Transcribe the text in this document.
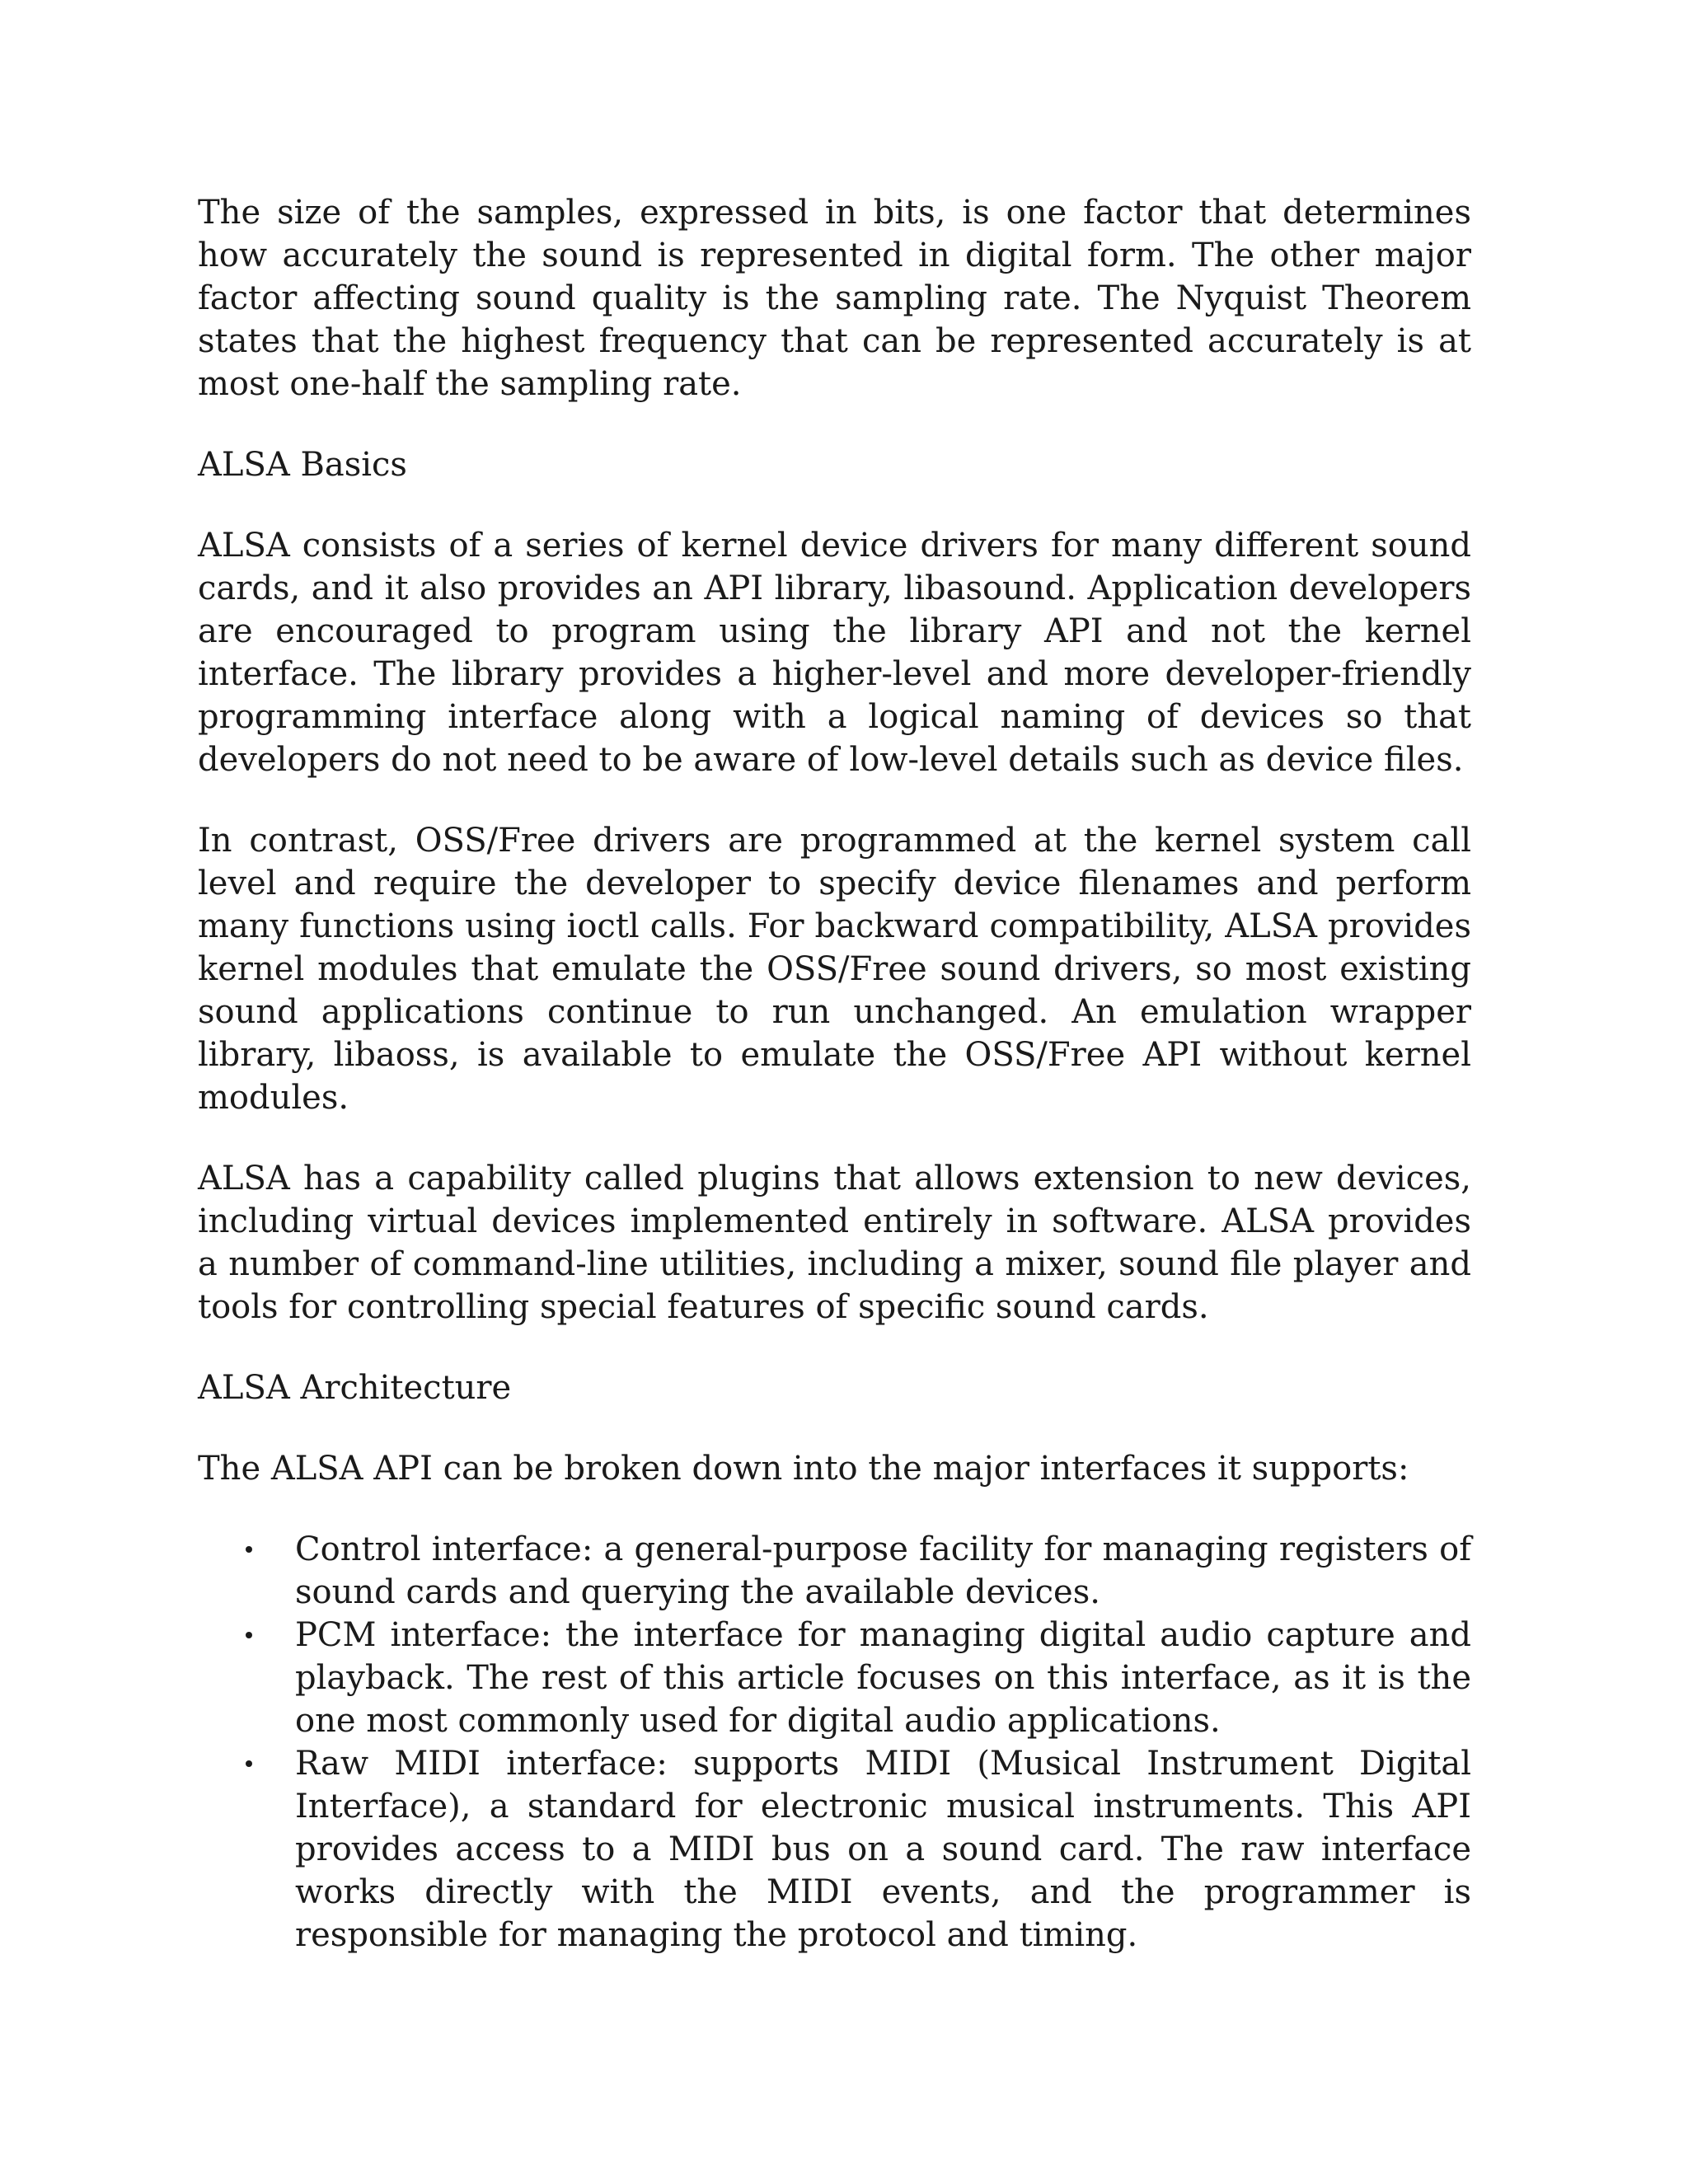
The size of the samples, expressed in bits, is one factor that determines how accurately the sound is represented in digital form. The other major factor affecting sound quality is the sampling rate. The Nyquist Theorem states that the highest frequency that can be represented accurately is at most one-half the sampling rate.

ALSA Basics

ALSA consists of a series of kernel device drivers for many different sound cards, and it also provides an API library, libasound. Application developers are encouraged to program using the library API and not the kernel interface. The library provides a higher-level and more developer-friendly programming interface along with a logical naming of devices so that developers do not need to be aware of low-level details such as device files.

In contrast, OSS/Free drivers are programmed at the kernel system call level and require the developer to specify device filenames and perform many functions using ioctl calls. For backward compatibility, ALSA provides kernel modules that emulate the OSS/Free sound drivers, so most existing sound applications continue to run unchanged. An emulation wrapper library, libaoss, is available to emulate the OSS/Free API without kernel modules.

ALSA has a capability called plugins that allows extension to new devices, including virtual devices implemented entirely in software. ALSA provides a number of command-line utilities, including a mixer, sound file player and tools for controlling special features of specific sound cards.

ALSA Architecture

The ALSA API can be broken down into the major interfaces it supports:

Control interface: a general-purpose facility for managing registers of sound cards and querying the available devices.
PCM interface: the interface for managing digital audio capture and playback. The rest of this article focuses on this interface, as it is the one most commonly used for digital audio applications.
Raw MIDI interface: supports MIDI (Musical Instrument Digital Interface), a standard for electronic musical instruments. This API provides access to a MIDI bus on a sound card. The raw interface works directly with the MIDI events, and the programmer is responsible for managing the protocol and timing.
